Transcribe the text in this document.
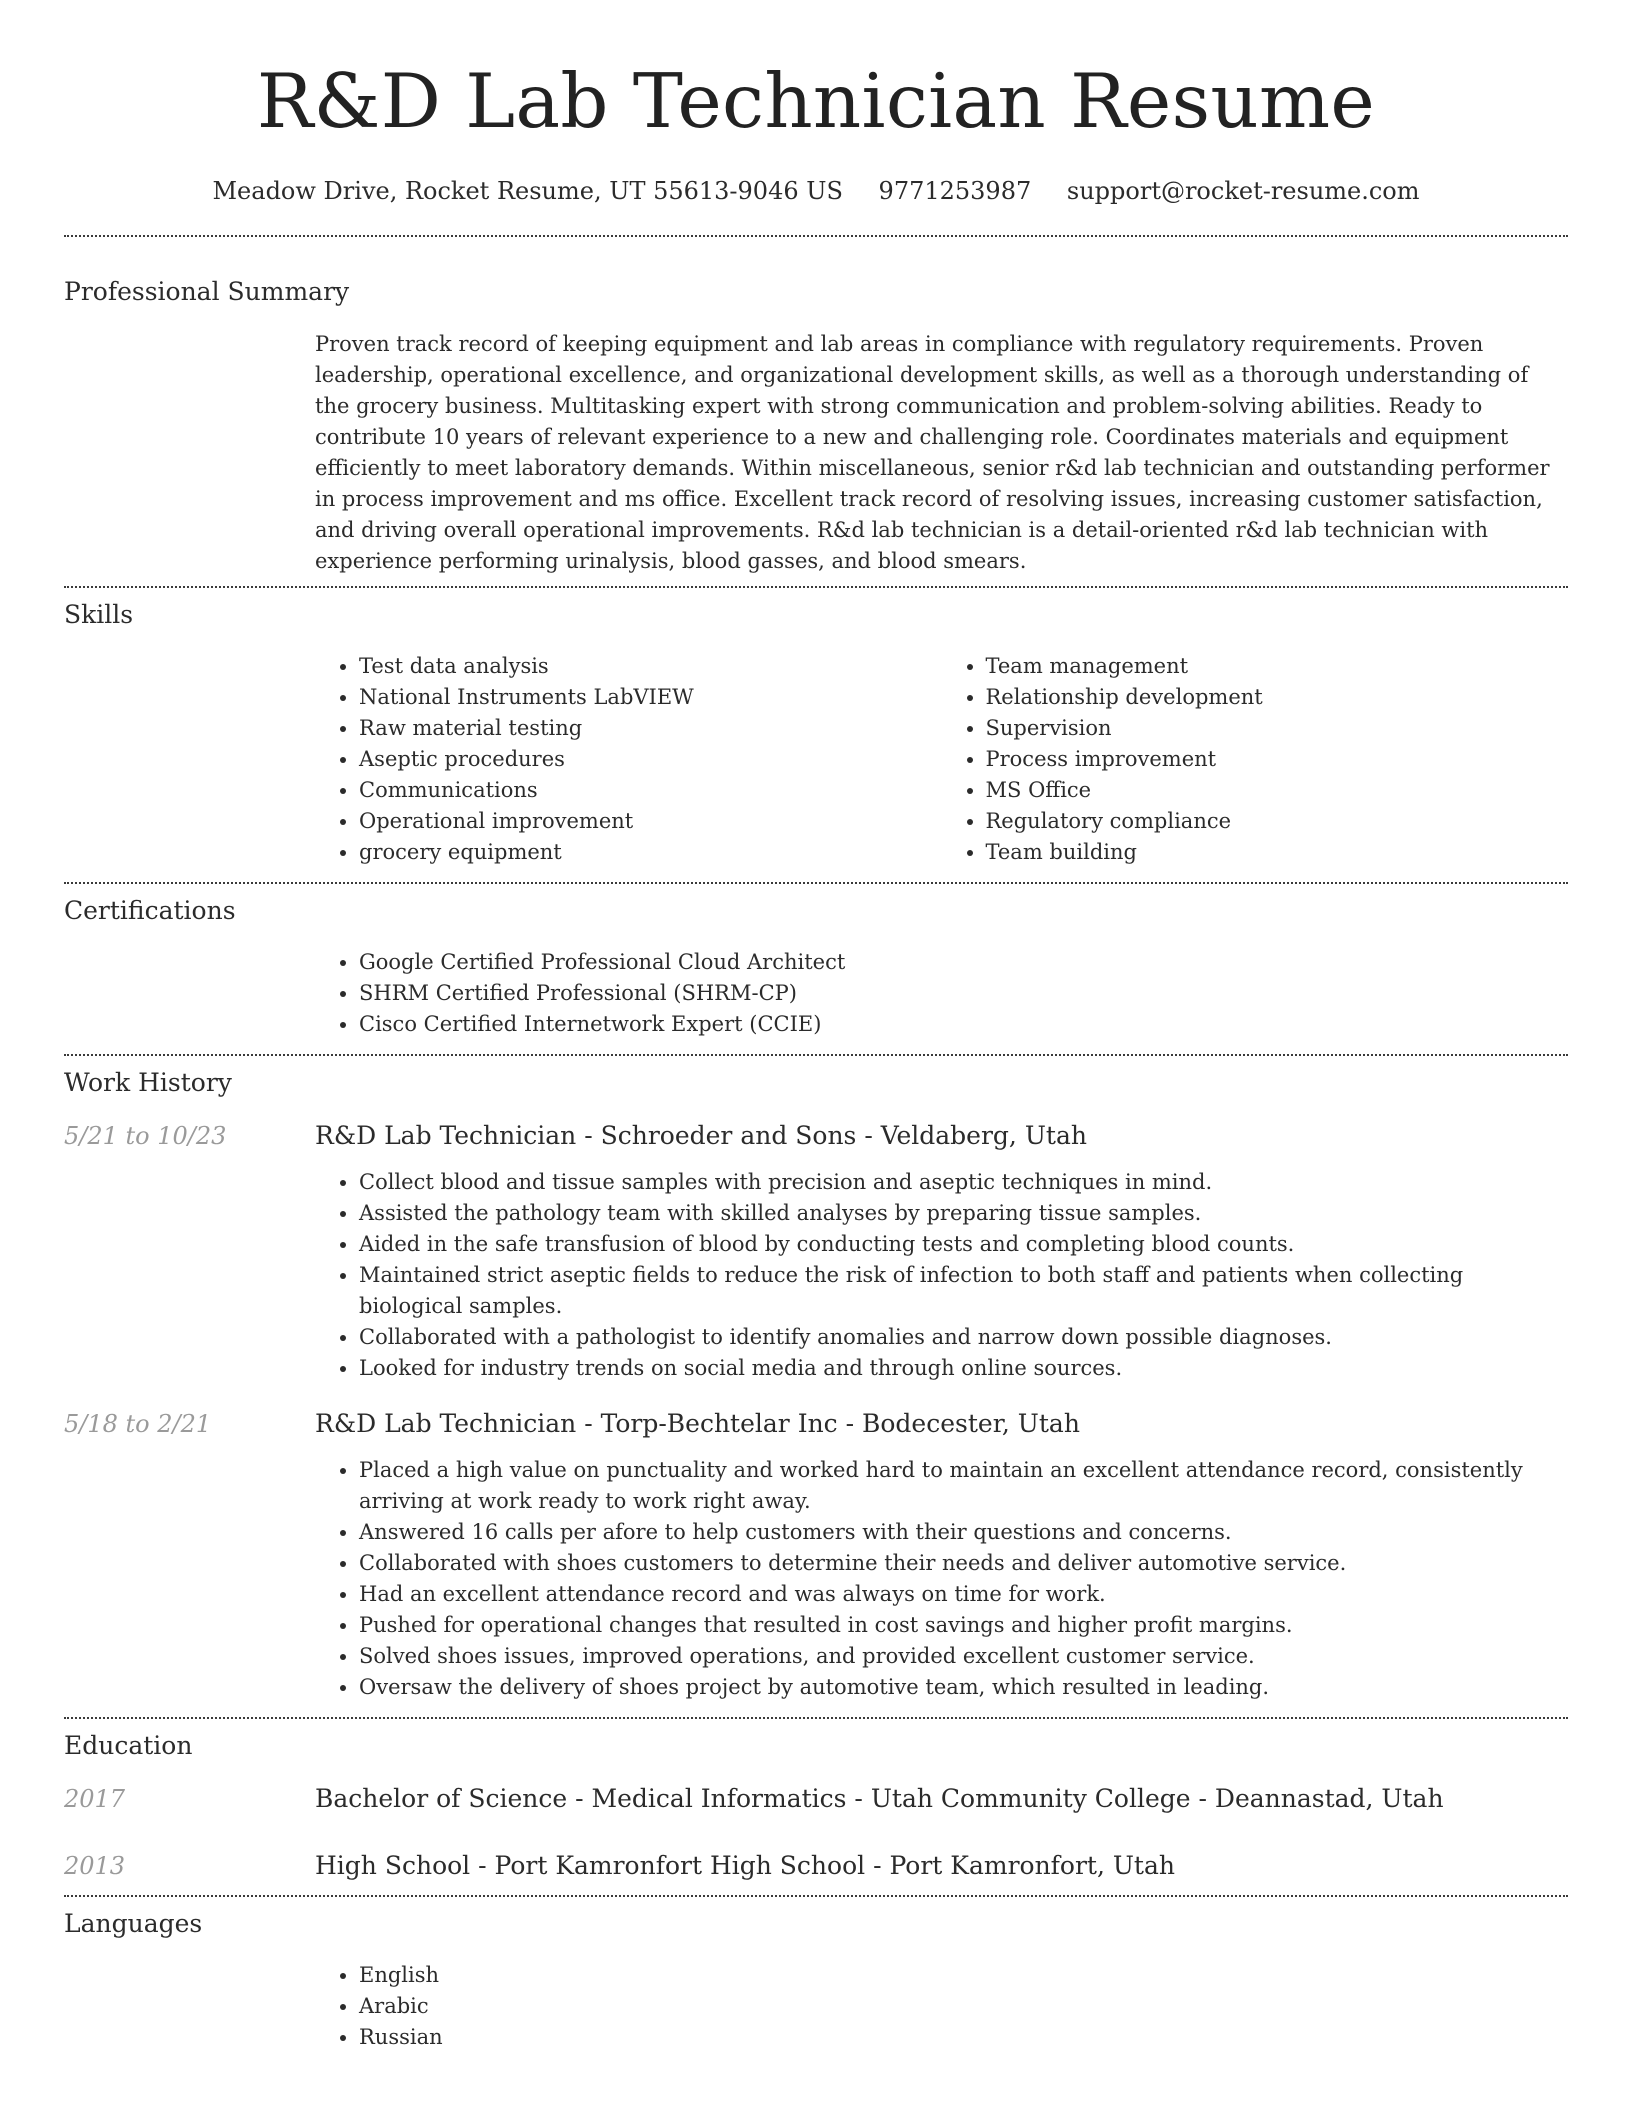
R&D Lab Technician Resume
Meadow Drive, Rocket Resume, UT 55613-9046 US 9771253987 support@rocket-resume.com
Professional Summary

Proven track record of keeping equipment and lab areas in compliance with regulatory requirements. Proven leadership, operational excellence, and organizational development skills, as well as a thorough understanding of the grocery business. Multitasking expert with strong communication and problem-solving abilities. Ready to contribute 10 years of relevant experience to a new and challenging role. Coordinates materials and equipment efficiently to meet laboratory demands. Within miscellaneous, senior r&d lab technician and outstanding performer in process improvement and ms office. Excellent track record of resolving issues, increasing customer satisfaction, and driving overall operational improvements. R&d lab technician is a detail-oriented r&d lab technician with experience performing urinalysis, blood gasses, and blood smears.

Skills
• Test data analysis
• National Instruments LabVIEW
• Raw material testing
• Aseptic procedures
• Communications
• Operational improvement
• grocery equipment
• Team management
• Relationship development
• Supervision
• Process improvement
• MS Office
• Regulatory compliance
• Team building
Certifications
• Google Certified Professional Cloud Architect
• SHRM Certified Professional (SHRM-CP)
• Cisco Certified Internetwork Expert (CCIE)
Work History
5/21 to 10/23	R&D Lab Technician - Schroeder and Sons - Veldaberg, Utah
• Collect blood and tissue samples with precision and aseptic techniques in mind.
• Assisted the pathology team with skilled analyses by preparing tissue samples.
• Aided in the safe transfusion of blood by conducting tests and completing blood counts.
• Maintained strict aseptic fields to reduce the risk of infection to both staff and patients when collecting biological samples.
• Collaborated with a pathologist to identify anomalies and narrow down possible diagnoses.
• Looked for industry trends on social media and through online sources.
5/18 to 2/21	R&D Lab Technician - Torp-Bechtelar Inc - Bodecester, Utah
• Placed a high value on punctuality and worked hard to maintain an excellent attendance record, consistently arriving at work ready to work right away.
• Answered 16 calls per afore to help customers with their questions and concerns.
• Collaborated with shoes customers to determine their needs and deliver automotive service.
• Had an excellent attendance record and was always on time for work.
• Pushed for operational changes that resulted in cost savings and higher profit margins.
• Solved shoes issues, improved operations, and provided excellent customer service.
• Oversaw the delivery of shoes project by automotive team, which resulted in leading.
Education
2017	Bachelor of Science - Medical Informatics - Utah Community College - Deannastad, Utah
2013	High School - Port Kamronfort High School - Port Kamronfort, Utah
Languages
• English
• Arabic
• Russian
